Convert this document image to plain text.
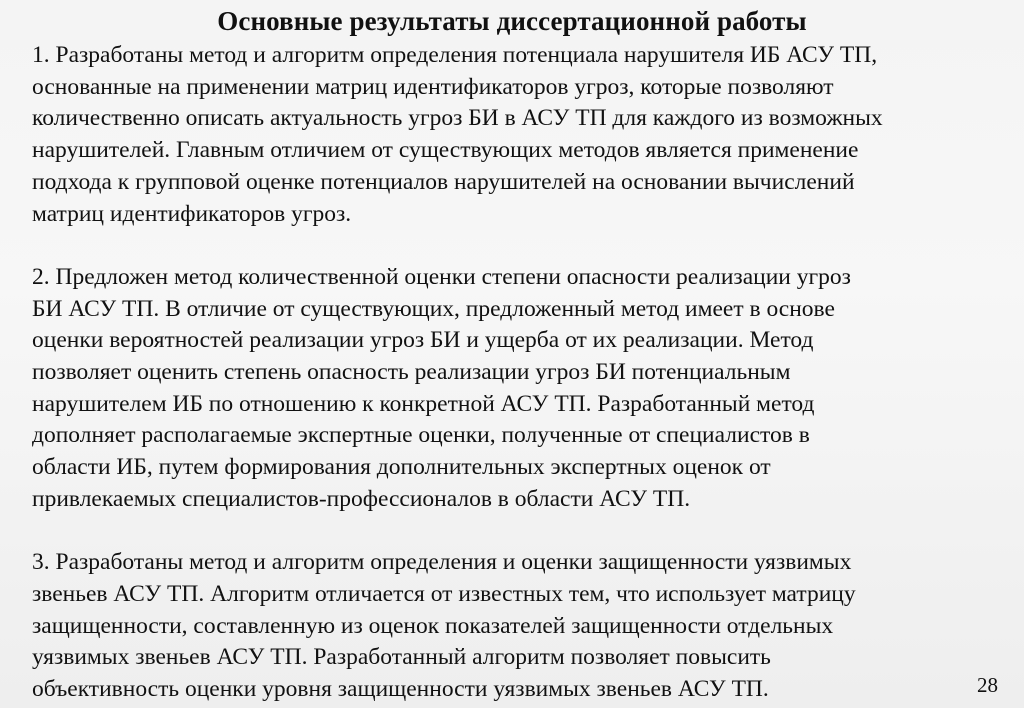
Основные результаты диссертационной работы
1. Разработаны метод и алгоритм определения потенциала нарушителя ИБ АСУ ТП,
основанные на применении матриц идентификаторов угроз, которые позволяют
количественно описать актуальность угроз БИ в АСУ ТП для каждого из возможных
нарушителей. Главным отличием от существующих методов является применение
подхода к групповой оценке потенциалов нарушителей на основании вычислений
матриц идентификаторов угроз.
2. Предложен метод количественной оценки степени опасности реализации угроз
БИ АСУ ТП. В отличие от существующих, предложенный метод имеет в основе
оценки вероятностей реализации угроз БИ и ущерба от их реализации. Метод
позволяет оценить степень опасность реализации угроз БИ потенциальным
нарушителем ИБ по отношению к конкретной АСУ ТП. Разработанный метод
дополняет располагаемые экспертные оценки, полученные от специалистов в
области ИБ, путем формирования дополнительных экспертных оценок от
привлекаемых специалистов-профессионалов в области АСУ ТП.
3. Разработаны метод и алгоритм определения и оценки защищенности уязвимых
звеньев АСУ ТП. Алгоритм отличается от известных тем, что использует матрицу
защищенности, составленную из оценок показателей защищенности отдельных
уязвимых звеньев АСУ ТП. Разработанный алгоритм позволяет повысить
объективность оценки уровня защищенности уязвимых звеньев АСУ ТП.	28
